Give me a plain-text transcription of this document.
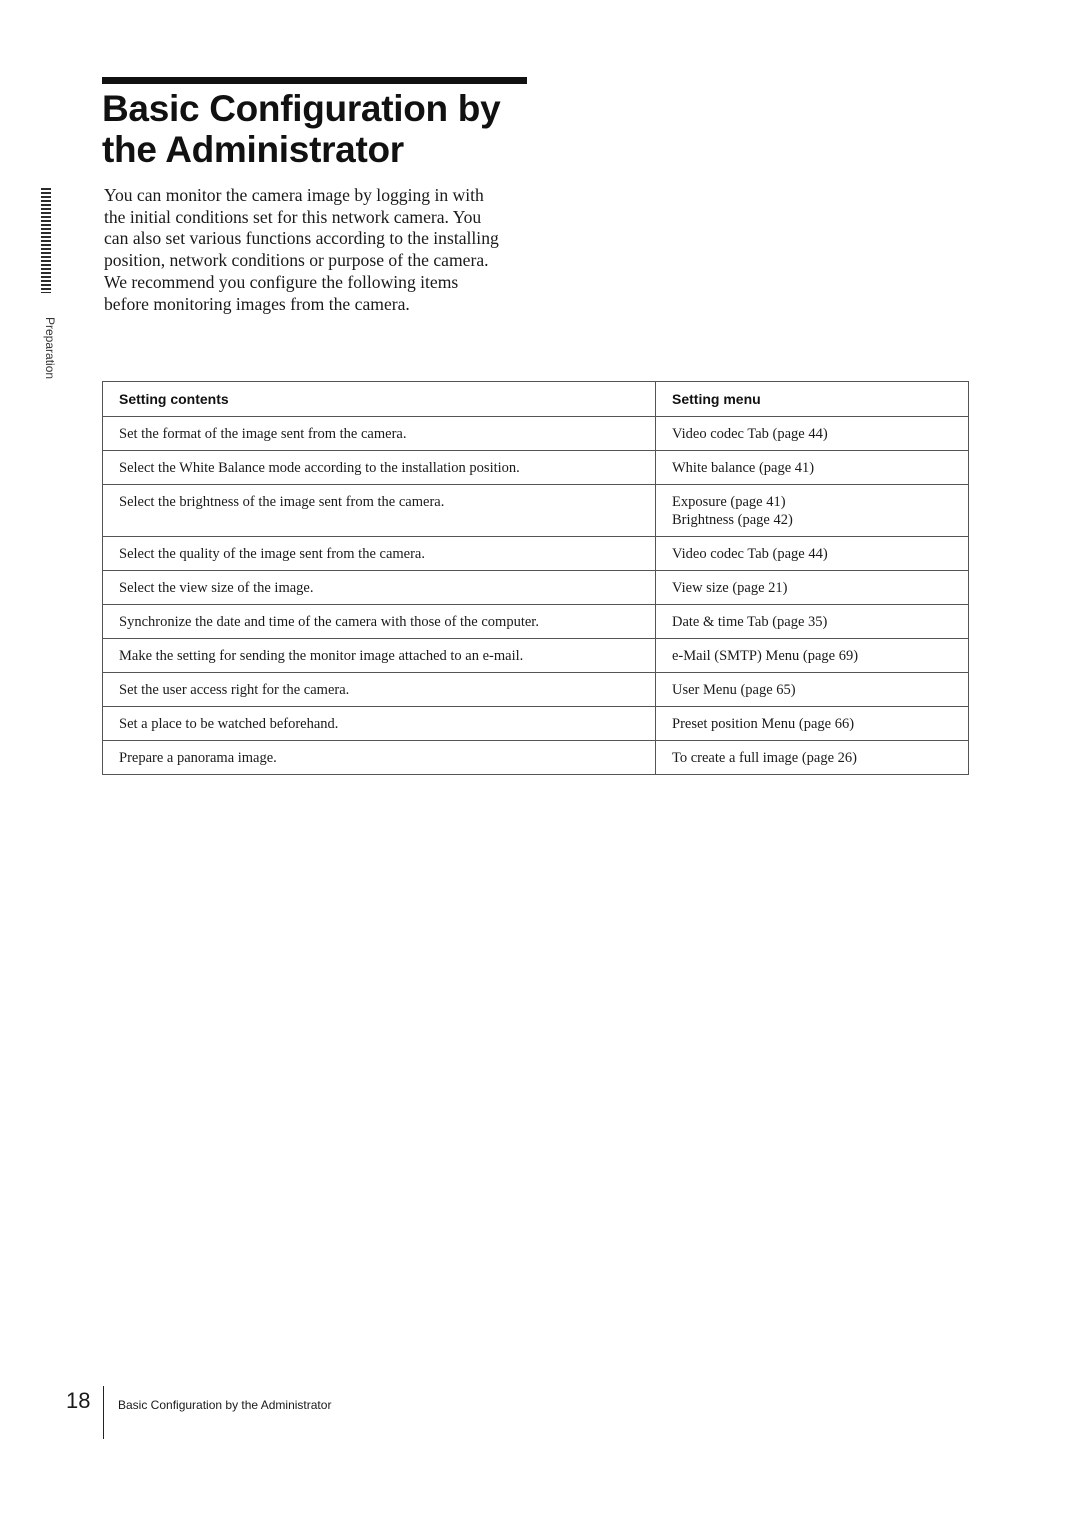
Basic Configuration by
the Administrator
Preparation
You can monitor the camera image by logging in with
the initial conditions set for this network camera. You
can also set various functions according to the installing
position, network conditions or purpose of the camera.
We recommend you configure the following items
before monitoring images from the camera.
Setting contents	Setting menu
Set the format of the image sent from the camera.	Video codec Tab (page 44)

Select the White Balance mode according to the installation position.	White balance (page 41)

Select the brightness of the image sent from the camera.	Exposure (page 41)
Brightness (page 42)

Select the quality of the image sent from the camera.	Video codec Tab (page 44)

Select the view size of the image.	View size (page 21)

Synchronize the date and time of the camera with those of the computer.	Date & time Tab (page 35)

Make the setting for sending the monitor image attached to an e-mail.	e-Mail (SMTP) Menu (page 69)

Set the user access right for the camera.	User Menu (page 65)

Set a place to be watched beforehand.	Preset position Menu (page 66)

Prepare a panorama image.	To create a full image (page 26)
18	Basic Configuration by the Administrator
